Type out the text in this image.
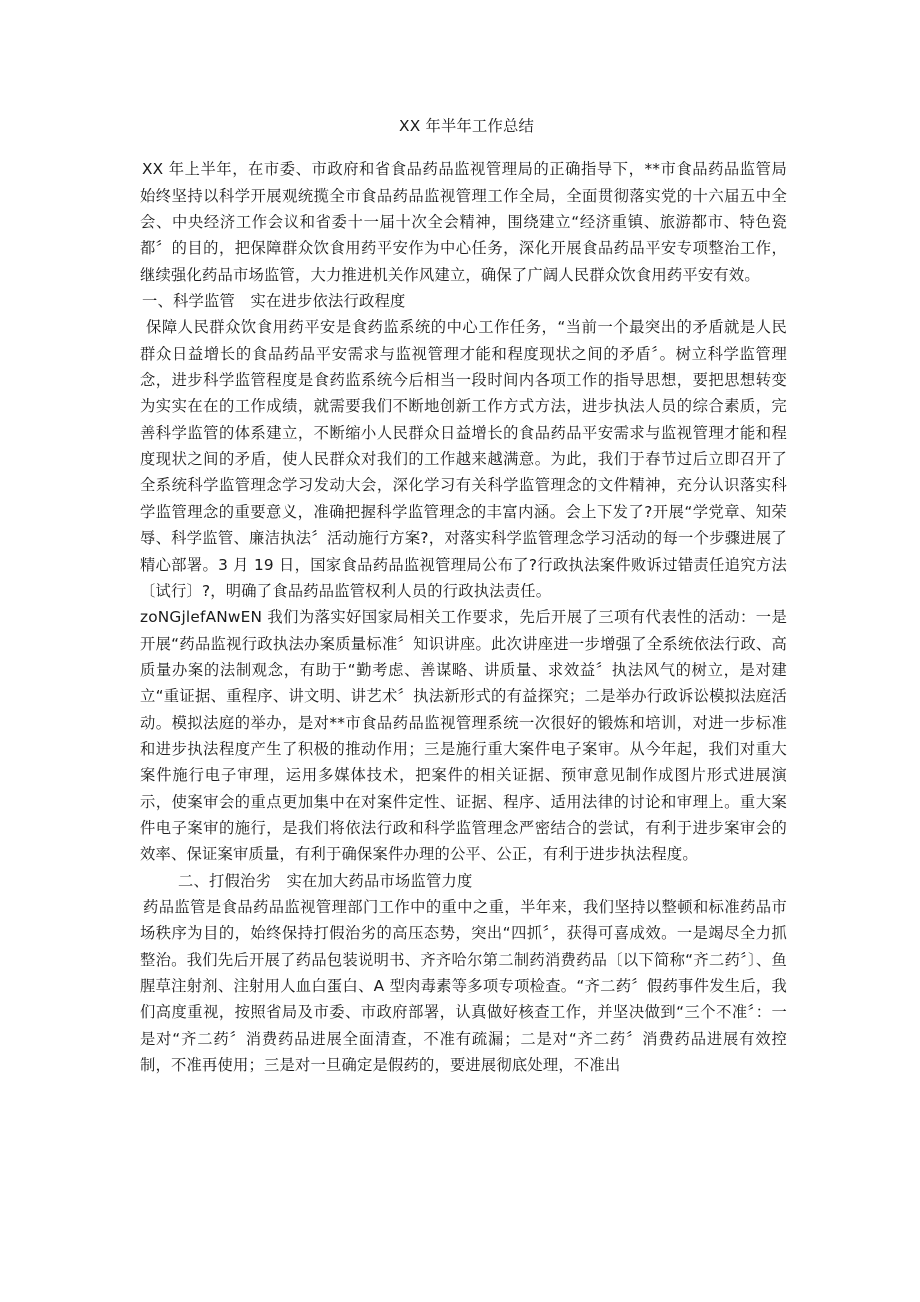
XX 年半年工作总结

XX 年上半年，在市委、市政府和省食品药品监视管理局的正确指导下，**市食品药品监管局始终坚持以科学开展观统揽全市食品药品监视管理工作全局，全面贯彻落实党的十六届五中全会、中央经济工作会议和省委十一届十次全会精神，围绕建立“经济重镇、旅游都市、特色瓷都〞的目的，把保障群众饮食用药平安作为中心任务，深化开展食品药品平安专项整治工作，继续强化药品市场监管，大力推进机关作风建立，确保了广阔人民群众饮食用药平安有效。

一、科学监管　实在进步依法行政程度

保障人民群众饮食用药平安是食药监系统的中心工作任务，“当前一个最突出的矛盾就是人民群众日益增长的食品药品平安需求与监视管理才能和程度现状之间的矛盾〞。树立科学监管理念，进步科学监管程度是食药监系统今后相当一段时间内各项工作的指导思想，要把思想转变为实实在在的工作成绩，就需要我们不断地创新工作方式方法，进步执法人员的综合素质，完善科学监管的体系建立，不断缩小人民群众日益增长的食品药品平安需求与监视管理才能和程度现状之间的矛盾，使人民群众对我们的工作越来越满意。为此，我们于春节过后立即召开了全系统科学监管理念学习发动大会，深化学习有关科学监管理念的文件精神，充分认识落实科学监管理念的重要意义，准确把握科学监管理念的丰富内涵。会上下发了?开展“学党章、知荣辱、科学监管、廉洁执法〞活动施行方案?，对落实科学监管理念学习活动的每一个步骤进展了精心部署。3 月 19 日，国家食品药品监视管理局公布了?行政执法案件败诉过错责任追究方法〔试行〕?，明确了食品药品监管权利人员的行政执法责任。

zoNGjlefANwEN 我们为落实好国家局相关工作要求，先后开展了三项有代表性的活动：一是开展“药品监视行政执法办案质量标准〞知识讲座。此次讲座进一步增强了全系统依法行政、高质量办案的法制观念，有助于“勤考虑、善谋略、讲质量、求效益〞执法风气的树立，是对建立“重证据、重程序、讲文明、讲艺术〞执法新形式的有益探究；二是举办行政诉讼模拟法庭活动。模拟法庭的举办，是对**市食品药品监视管理系统一次很好的锻炼和培训，对进一步标准和进步执法程度产生了积极的推动作用；三是施行重大案件电子案审。从今年起，我们对重大案件施行电子审理，运用多媒体技术，把案件的相关证据、预审意见制作成图片形式进展演示，使案审会的重点更加集中在对案件定性、证据、程序、适用法律的讨论和审理上。重大案件电子案审的施行，是我们将依法行政和科学监管理念严密结合的尝试，有利于进步案审会的效率、保证案审质量，有利于确保案件办理的公平、公正，有利于进步执法程度。

二、打假治劣　实在加大药品市场监管力度

药品监管是食品药品监视管理部门工作中的重中之重，半年来，我们坚持以整顿和标准药品市场秩序为目的，始终保持打假治劣的高压态势，突出“四抓〞，获得可喜成效。一是竭尽全力抓整治。我们先后开展了药品包装说明书、齐齐哈尔第二制药消费药品〔以下简称“齐二药〞〕、鱼腥草注射剂、注射用人血白蛋白、A 型肉毒素等多项专项检查。“齐二药〞假药事件发生后，我们高度重视，按照省局及市委、市政府部署，认真做好核查工作，并坚决做到“三个不准〞：一是对“齐二药〞消费药品进展全面清查，不准有疏漏；二是对“齐二药〞消费药品进展有效控制，不准再使用；三是对一旦确定是假药的，要进展彻底处理，不准出
